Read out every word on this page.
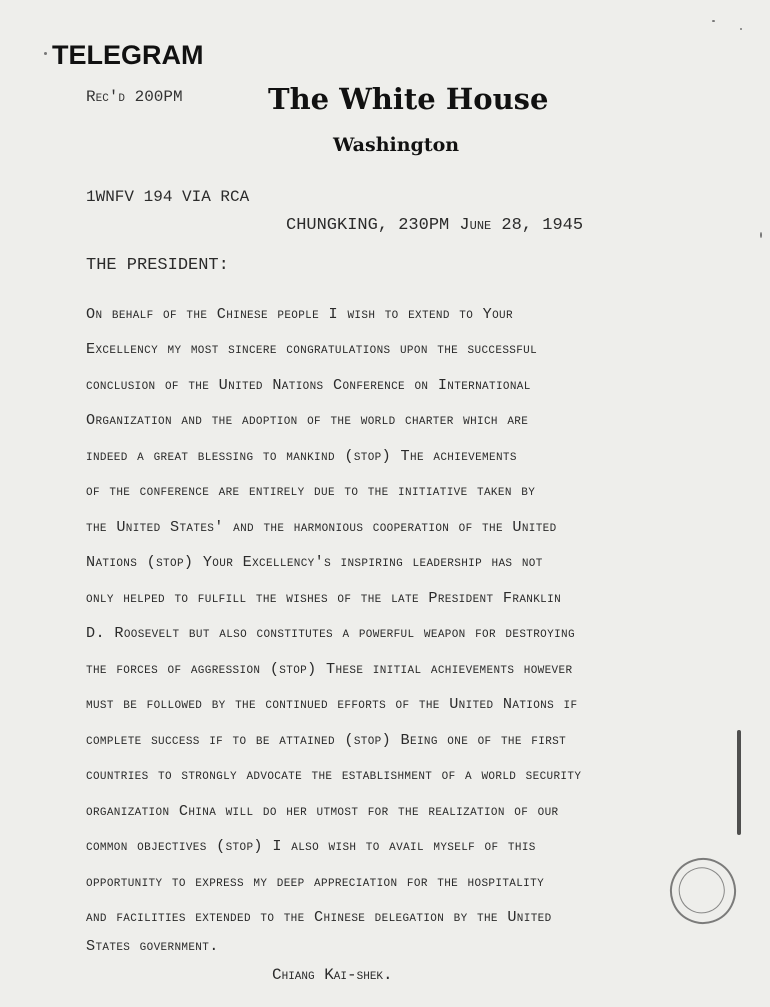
TELEGRAM
Rec'd 200PM	The White House
Washington
1WNFV 194 VIA RCA
CHUNGKING, 230PM June 28, 1945
THE PRESIDENT:
On behalf of the Chinese people I wish to extend to Your
Excellency my most sincere congratulations upon the successful
conclusion of the United Nations Conference on International
Organization and the adoption of the world charter which are
indeed a great blessing to mankind (stop) The achievements
of the conference are entirely due to the initiative taken by
the United States' and the harmonious cooperation of the United
Nations (stop) Your Excellency's inspiring leadership has not
only helped to fulfill the wishes of the late President Franklin
D. Roosevelt but also constitutes a powerful weapon for destroying
the forces of aggression (stop) These initial achievements however
must be followed by the continued efforts of the United Nations if
complete success if to be attained (stop) Being one of the first
countries to strongly advocate the establishment of a world security
organization China will do her utmost for the realization of our
common objectives (stop) I also wish to avail myself of this
opportunity to express my deep appreciation for the hospitality
and facilities extended to the Chinese delegation by the United
States government.
Chiang Kai-shek.
